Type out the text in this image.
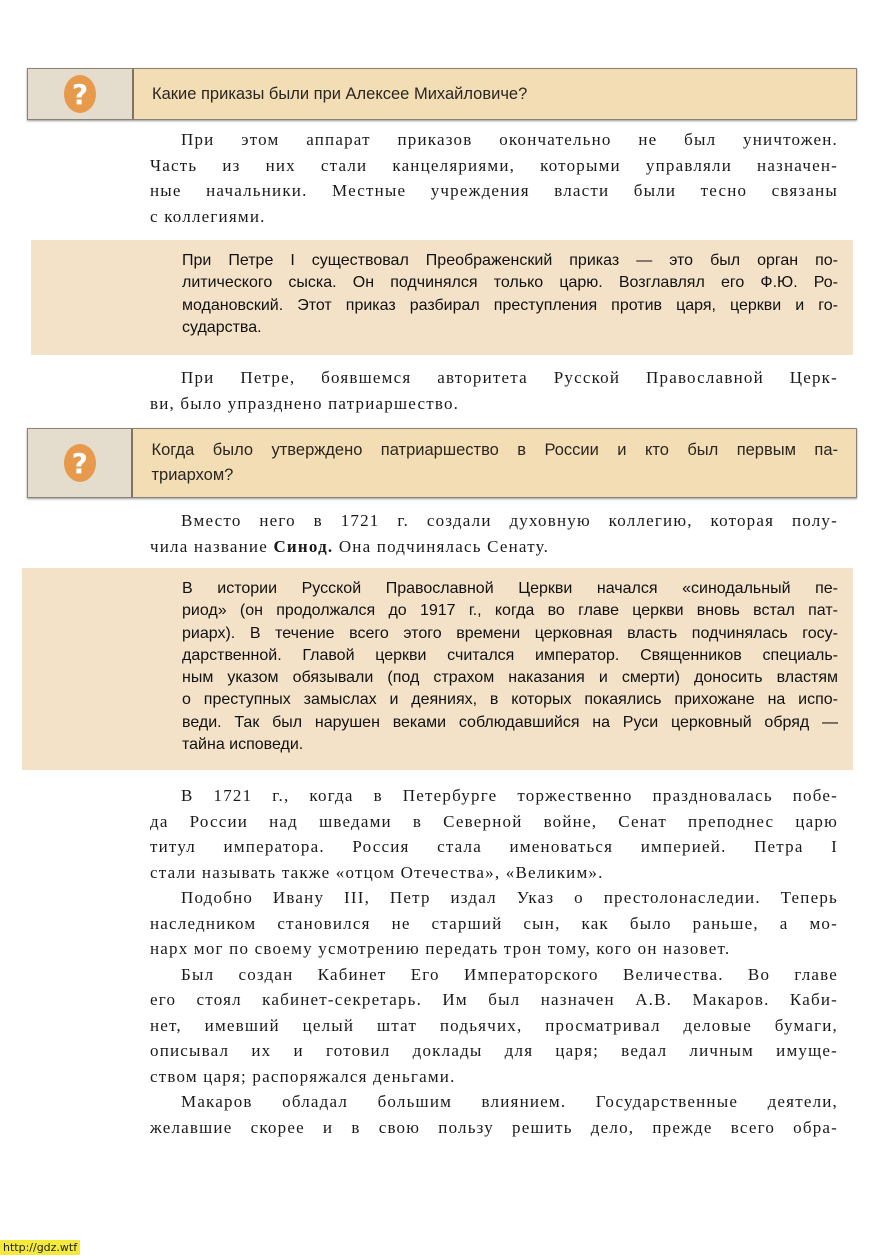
?	Какие приказы были при Алексее Михайловиче?
При этом аппарат приказов окончательно не был уничтожен.
Часть из них стали канцеляриями, которыми управляли назначен-
ные начальники. Местные учреждения власти были тесно связаны
с коллегиями.
При Петре I существовал Преображенский приказ — это был орган по-
литического сыска. Он подчинялся только царю. Возглавлял его Ф.Ю. Ро-
модановский. Этот приказ разбирал преступления против царя, церкви и го-
сударства.
При Петре, боявшемся авторитета Русской Православной Церк-
ви, было упразднено патриаршество.
?	Когда было утверждено патриаршество в России и кто был первым па-
триархом?
Вместо него в 1721 г. создали духовную коллегию, которая полу-
чила название Синод. Она подчинялась Сенату.
В истории Русской Православной Церкви начался «синодальный пе-
риод» (он продолжался до 1917 г., когда во главе церкви вновь встал пат-
риарх). В течение всего этого времени церковная власть подчинялась госу-
дарственной. Главой церкви считался император. Священников специаль-
ным указом обязывали (под страхом наказания и смерти) доносить властям
о преступных замыслах и деяниях, в которых покаялись прихожане на испо-
веди. Так был нарушен веками соблюдавшийся на Руси церковный обряд —
тайна исповеди.
В 1721 г., когда в Петербурге торжественно праздновалась побе-
да России над шведами в Северной войне, Сенат преподнес царю
титул императора. Россия стала именоваться империей. Петра I
стали называть также «отцом Отечества», «Великим».
Подобно Ивану III, Петр издал Указ о престолонаследии. Теперь
наследником становился не старший сын, как было раньше, а мо-
нарх мог по своему усмотрению передать трон тому, кого он назовет.
Был создан Кабинет Его Императорского Величества. Во главе
его стоял кабинет-секретарь. Им был назначен А.В. Макаров. Каби-
нет, имевший целый штат подьячих, просматривал деловые бумаги,
описывал их и готовил доклады для царя; ведал личным имуще-
ством царя; распоряжался деньгами.
Макаров обладал большим влиянием. Государственные деятели,
желавшие скорее и в свою пользу решить дело, прежде всего обра-
http://gdz.wtf
